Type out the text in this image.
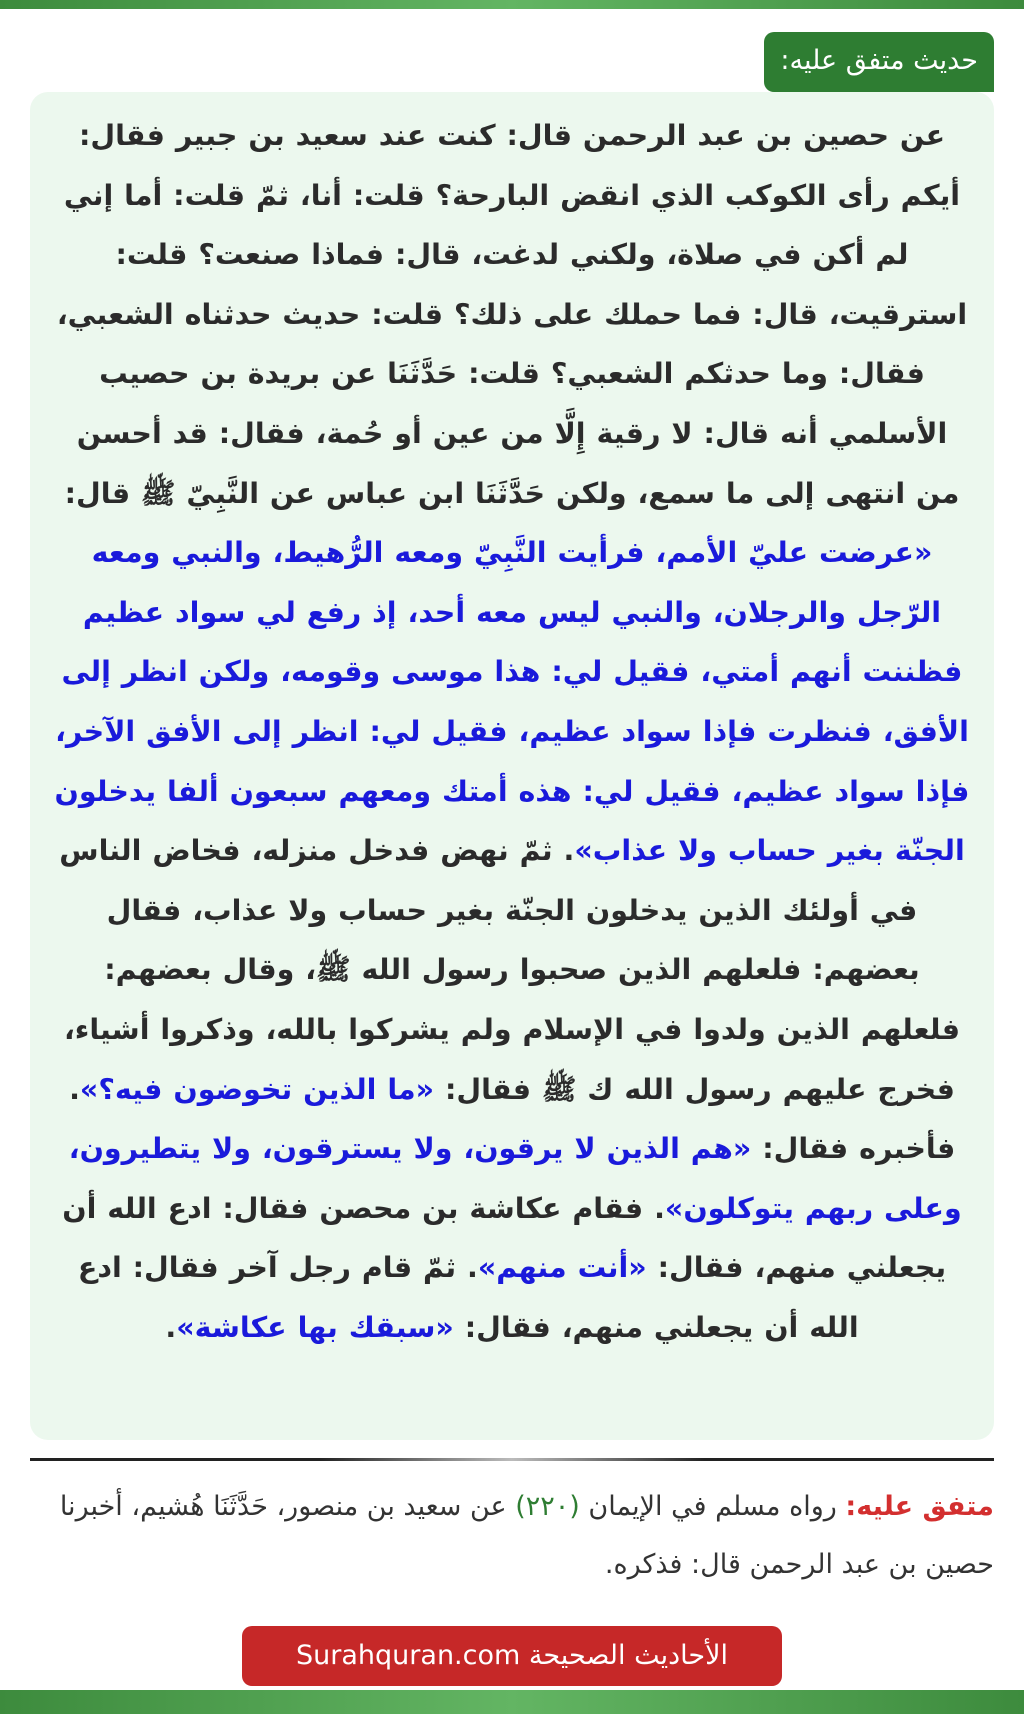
حديث متفق عليه:

عن حصين بن عبد الرحمن قال: كنت عند سعيد بن جبير فقال: أيكم رأى الكوكب الذي انقض البارحة؟ قلت: أنا، ثمّ قلت: أما إني لم أكن في صلاة، ولكني لدغت، قال: فماذا صنعت؟ قلت: استرقيت، قال: فما حملك على ذلك؟ قلت: حديث حدثناه الشعبي، فقال: وما حدثكم الشعبي؟ قلت: حَدَّثَنَا عن بريدة بن حصيب الأسلمي أنه قال: لا رقية إِلَّا من عين أو حُمة، فقال: قد أحسن من انتهى إلى ما سمع، ولكن حَدَّثَنَا ابن عباس عن النَّبِيّ ﷺ قال: «عرضت عليّ الأمم، فرأيت النَّبِيّ ومعه الرُّهيط، والنبي ومعه الرّجل والرجلان، والنبي ليس معه أحد، إذ رفع لي سواد عظيم فظننت أنهم أمتي، فقيل لي: هذا موسى وقومه، ولكن انظر إلى الأفق، فنظرت فإذا سواد عظيم، فقيل لي: انظر إلى الأفق الآخر، فإذا سواد عظيم، فقيل لي: هذه أمتك ومعهم سبعون ألفا يدخلون الجنّة بغير حساب ولا عذاب». ثمّ نهض فدخل منزله، فخاض الناس في أولئك الذين يدخلون الجنّة بغير حساب ولا عذاب، فقال بعضهم: فلعلهم الذين صحبوا رسول الله ﷺ، وقال بعضهم: فلعلهم الذين ولدوا في الإسلام ولم يشركوا بالله، وذكروا أشياء، فخرج عليهم رسول الله ك ﷺ فقال: «ما الذين تخوضون فيه؟». فأخبره فقال: «هم الذين لا يرقون، ولا يسترقون، ولا يتطيرون، وعلى ربهم يتوكلون». فقام عكاشة بن محصن فقال: ادع الله أن يجعلني منهم، فقال: «أنت منهم». ثمّ قام رجل آخر فقال: ادع الله أن يجعلني منهم، فقال: «سبقك بها عكاشة».

متفق عليه: رواه مسلم في الإيمان (٢٢٠) عن سعيد بن منصور، حَدَّثَنَا هُشيم، أخبرنا حصين بن عبد الرحمن قال: فذكره.

الأحاديث الصحيحة Surahquran.com
